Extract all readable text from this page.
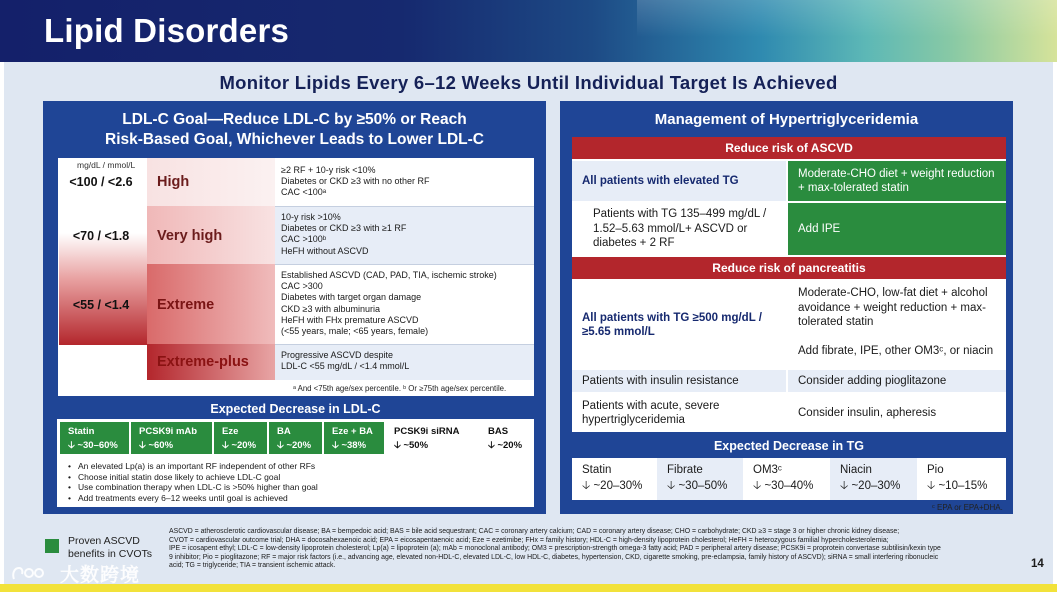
Lipid Disorders
Monitor Lipids Every 6–12 Weeks Until Individual Target Is Achieved
LDL-C Goal—Reduce LDL-C by ≥50% or Reach
Risk-Based Goal, Whichever Leads to Lower LDL-C
mg/dL / mmol/L
<100 / <2.6
<70 / <1.8
<55 / <1.4
<40 / <1.0
High
Very high
Extreme
Extreme-plus
≥2 RF + 10-y risk <10%
Diabetes or CKD ≥3 with no other RF
CAC <100ᵃ
10-y risk >10%
Diabetes or CKD ≥3 with ≥1 RF
CAC >100ᵇ
HeFH without ASCVD
Established ASCVD (CAD, PAD, TIA, ischemic stroke)
CAC >300
Diabetes with target organ damage
CKD ≥3 with albuminuria
HeFH with FHx premature ASCVD
(<55 years, male; <65 years, female)
Progressive ASCVD despite
LDL-C <55 mg/dL / <1.4 mmol/L
ᵃ And <75th age/sex percentile. ᵇ Or ≥75th age/sex percentile.
Expected Decrease in LDL-C
Statin
🡣 ~30–60%
PCSK9i mAb
🡣 ~60%
Eze
🡣 ~20%
BA
🡣 ~20%
Eze + BA
🡣 ~38%
PCSK9i siRNA
🡣 ~50%
BAS
🡣 ~20%
• An elevated Lp(a) is an important RF independent of other RFs
• Choose initial statin dose likely to achieve LDL-C goal
• Use combination therapy when LDL-C is >50% higher than goal
• Add treatments every 6–12 weeks until goal is achieved
Management of Hypertriglyceridemia
Reduce risk of ASCVD
All patients with elevated TG
Moderate-CHO diet + weight reduction + max-tolerated statin
Patients with TG 135–499 mg/dL / 1.52–5.63 mmol/L+ ASCVD or diabetes + 2 RF
Add IPE
Reduce risk of pancreatitis
All patients with TG ≥500 mg/dL / ≥5.65 mmol/L
Moderate-CHO, low-fat diet + alcohol avoidance + weight reduction + max-tolerated statin
Add fibrate, IPE, other OM3ᶜ, or niacin
Patients with insulin resistance	Consider adding pioglitazone
Patients with acute, severe hypertriglyceridemia
Consider insulin, apheresis
Expected Decrease in TG
Statin
🡣 ~20–30%
Fibrate
🡣 ~30–50%
OM3ᶜ
🡣 ~30–40%
Niacin
🡣 ~20–30%
Pio
🡣 ~10–15%
ᶜ EPA or EPA+DHA.
Proven ASCVD
benefits in CVOTs
ASCVD = atherosclerotic cardiovascular disease; BA = bempedoic acid; BAS = bile acid sequestrant; CAC = coronary artery calcium; CAD = coronary artery disease; CHO = carbohydrate; CKD ≥3 = stage 3 or higher chronic kidney disease;
CVOT = cardiovascular outcome trial; DHA = docosahexaenoic acid; EPA = eicosapentaenoic acid; Eze = ezetimibe; FHx = family history; HDL-C = high-density lipoprotein cholesterol; HeFH = heterozygous familial hypercholesterolemia;
IPE = icosapent ethyl; LDL-C = low-density lipoprotein cholesterol; Lp(a) = lipoprotein (a); mAb = monoclonal antibody; OM3 = prescription-strength omega-3 fatty acid; PAD = peripheral artery disease; PCSK9i = proprotein convertase subtilisin/kexin type
9 inhibitor; Pio = pioglitazone; RF = major risk factors (i.e., advancing age, elevated non-HDL-C, elevated LDL-C, low HDL-C, diabetes, hypertension, CKD, cigarette smoking, pre-eclampsia, family history of ASCVD); siRNA = small interfering ribonucleic
acid; TG = triglyceride; TIA = transient ischemic attack.	14
大数跨境
